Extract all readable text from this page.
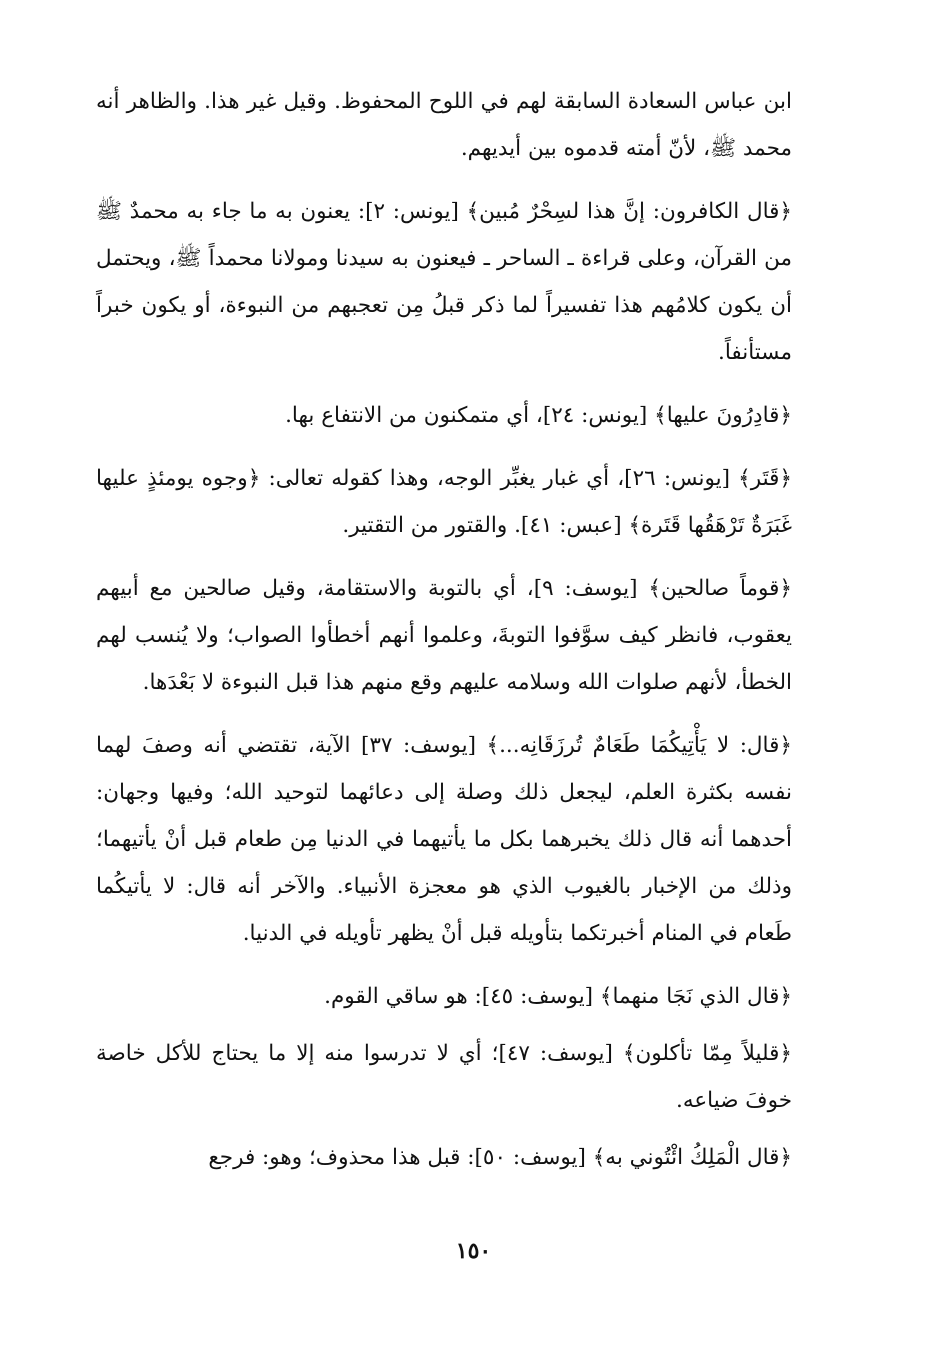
ابن عباس السعادة السابقة لهم في اللوح المحفوظ. وقيل غير هذا. والظاهر أنه محمد ﷺ، لأنّ أمته قدموه بين أيديهم.

﴿قال الكافرون: إنَّ هذا لسِحْرٌ مُبين﴾ [يونس: ٢]: يعنون به ما جاء به محمدٌ ﷺ من القرآن، وعلى قراءة ـ الساحر ـ فيعنون به سيدنا ومولانا محمداً ﷺ، ويحتمل أن يكون كلامُهم هذا تفسيراً لما ذكر قبلُ مِن تعجبهم من النبوءة، أو يكون خبراً مستأنفاً.

﴿قادِرُونَ عليها﴾ [يونس: ٢٤]، أي متمكنون من الانتفاع بها.

﴿قَتَر﴾ [يونس: ٢٦]، أي غبار يغبِّر الوجه، وهذا كقوله تعالى: ﴿وجوه يومئذٍ عليها غَبَرَةٌ تَرْهَقُها قَتَرة﴾ [عبس: ٤١]. والقتور من التقتير.

﴿قوماً صالحين﴾ [يوسف: ٩]، أي بالتوبة والاستقامة، وقيل صالحين مع أبيهم يعقوب، فانظر كيف سوَّفوا التوبةَ، وعلموا أنهم أخطأوا الصواب؛ ولا يُنسب لهم الخطأ، لأنهم صلوات الله وسلامه عليهم وقع منهم هذا قبل النبوءة لا بَعْدَها.

﴿قال: لا يَأْتِيكُمَا طَعَامٌ تُرزَقَانِه...﴾ [يوسف: ٣٧] الآية، تقتضي أنه وصفَ لهما نفسه بكثرة العلم، ليجعل ذلك وصلة إلى دعائهما لتوحيد الله؛ وفيها وجهان: أحدهما أنه قال ذلك يخبرهما بكل ما يأتيهما في الدنيا مِن طعام قبل أنْ يأتيهما؛ وذلك من الإخبار بالغيوب الذي هو معجزة الأنبياء. والآخر أنه قال: لا يأتيكُما طَعام في المنام أخبرتكما بتأويله قبل أنْ يظهر تأويله في الدنيا.

﴿قال الذي نَجَا منهما﴾ [يوسف: ٤٥]: هو ساقي القوم.

﴿قليلاً مِمّا تأكلون﴾ [يوسف: ٤٧]؛ أي لا تدرسوا منه إلا ما يحتاج للأكل خاصة خوفَ ضياعه.

﴿قال الْمَلِكُ ائْتُوني به﴾ [يوسف: ٥٠]: قبل هذا محذوف؛ وهو: فرجع

١٥٠
